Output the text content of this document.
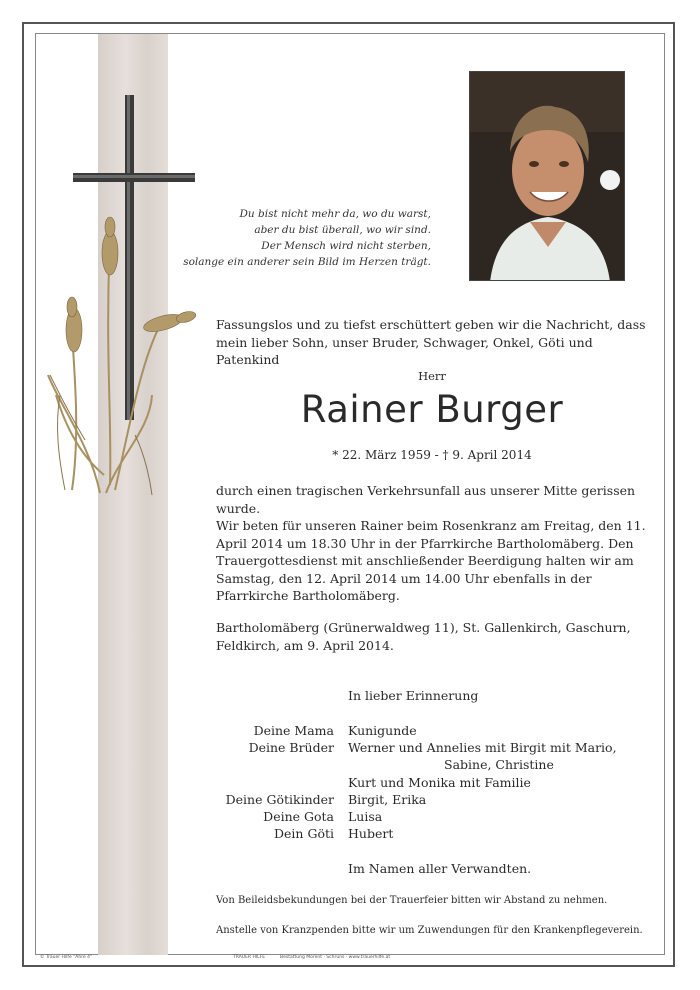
Du bist nicht mehr da, wo du warst,
aber du bist überall, wo wir sind.
Der Mensch wird nicht sterben,
solange ein anderer sein Bild im Herzen trägt.
Fassungslos und zu tiefst erschüttert geben wir die Nachricht, dass mein lieber Sohn, unser Bruder, Schwager, Onkel, Göti und Patenkind
Herr
Rainer Burger
* 22. März 1959 - † 9. April 2014
durch einen tragischen Verkehrsunfall aus unserer Mitte gerissen wurde.
Wir beten für unseren Rainer beim Rosenkranz am Freitag, den 11. April 2014 um 18.30 Uhr in der Pfarrkirche Bartholomäberg. Den Trauergottesdienst mit anschließender Beerdigung halten wir am Samstag, den 12. April 2014 um 14.00 Uhr ebenfalls in der Pfarrkirche Bartholomäberg.
Bartholomäberg (Grünerwaldweg 11), St. Gallenkirch, Gaschurn, Feldkirch, am 9. April 2014.
In lieber Erinnerung
Deine Mama	Kunigunde
Deine Brüder	Werner und Annelies mit Birgit mit Mario,
Sabine, Christine
Kurt und Monika mit Familie
Deine Götikinder	Birgit, Erika
Deine Gota	Luisa
Dein Göti	Hubert
Im Namen aller Verwandten.
Von Beileidsbekundungen bei der Trauerfeier bitten wir Abstand zu nehmen.
Anstelle von Kranzpenden bitte wir um Zuwendungen für den Krankenpflegeverein.
© Trauer Hilfe "Ähre 4"	TRAUER HILFE	Bestattung Morent · Schruns · www.trauerhilfe.at
